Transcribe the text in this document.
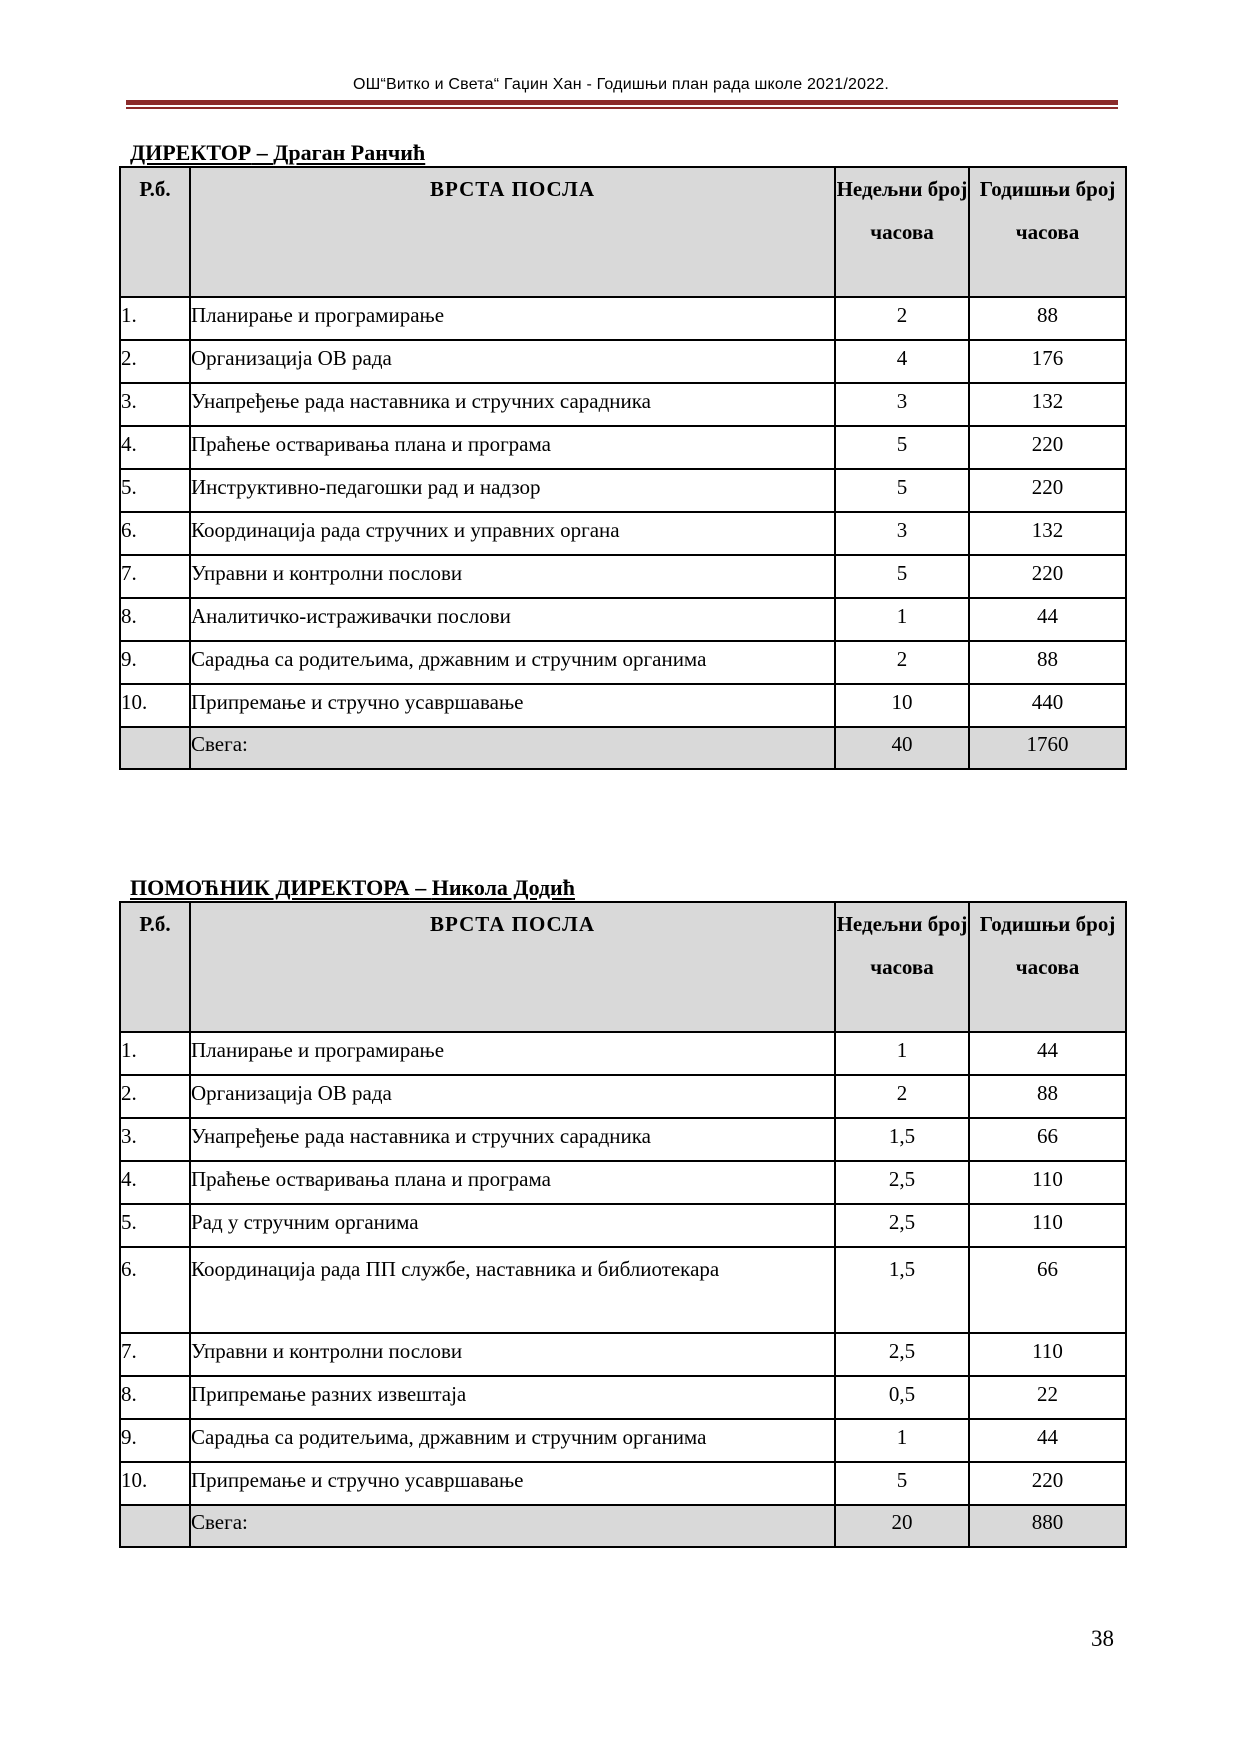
ОШ“Витко и Света“ Гаџин Хан - Годишњи план рада школе 2021/2022.
ДИРЕКТОР – Драган Ранчић
Р.б.	ВРСТА ПОСЛА	Недељни број часова	Годишњи број часова
1.	Планирање и програмирање	2	88
2.	Организација ОВ рада	4	176
3.	Унапређење рада наставника и стручних сарадника	3	132
4.	Праћење остваривања плана и програма	5	220
5.	Инструктивно-педагошки рад и надзор	5	220
6.	Координација рада стручних и управних органа	3	132
7.	Управни и контролни послови	5	220
8.	Аналитичко-истраживачки послови	1	44
9.	Сарадња са родитељима, државним и стручним органима	2	88
10.	Припремање и стручно усавршавање	10	440
	Свега:	40	1760
ПОМОЋНИК ДИРЕКТОРА – Никола Додић
Р.б.	ВРСТА ПОСЛА	Недељни број часова	Годишњи број часова
1.	Планирање и програмирање	1	44
2.	Организација ОВ рада	2	88
3.	Унапређење рада наставника и стручних сарадника	1,5	66
4.	Праћење остваривања плана и програма	2,5	110
5.	Рад у стручним органима	2,5	110
6.	Координација рада ПП службе, наставника и библиотекара	1,5	66
7.	Управни и контролни послови	2,5	110
8.	Припремање разних извештаја	0,5	22
9.	Сарадња са родитељима, државним и стручним органима	1	44
10.	Припремање и стручно усавршавање	5	220
	Свега:	20	880
38
